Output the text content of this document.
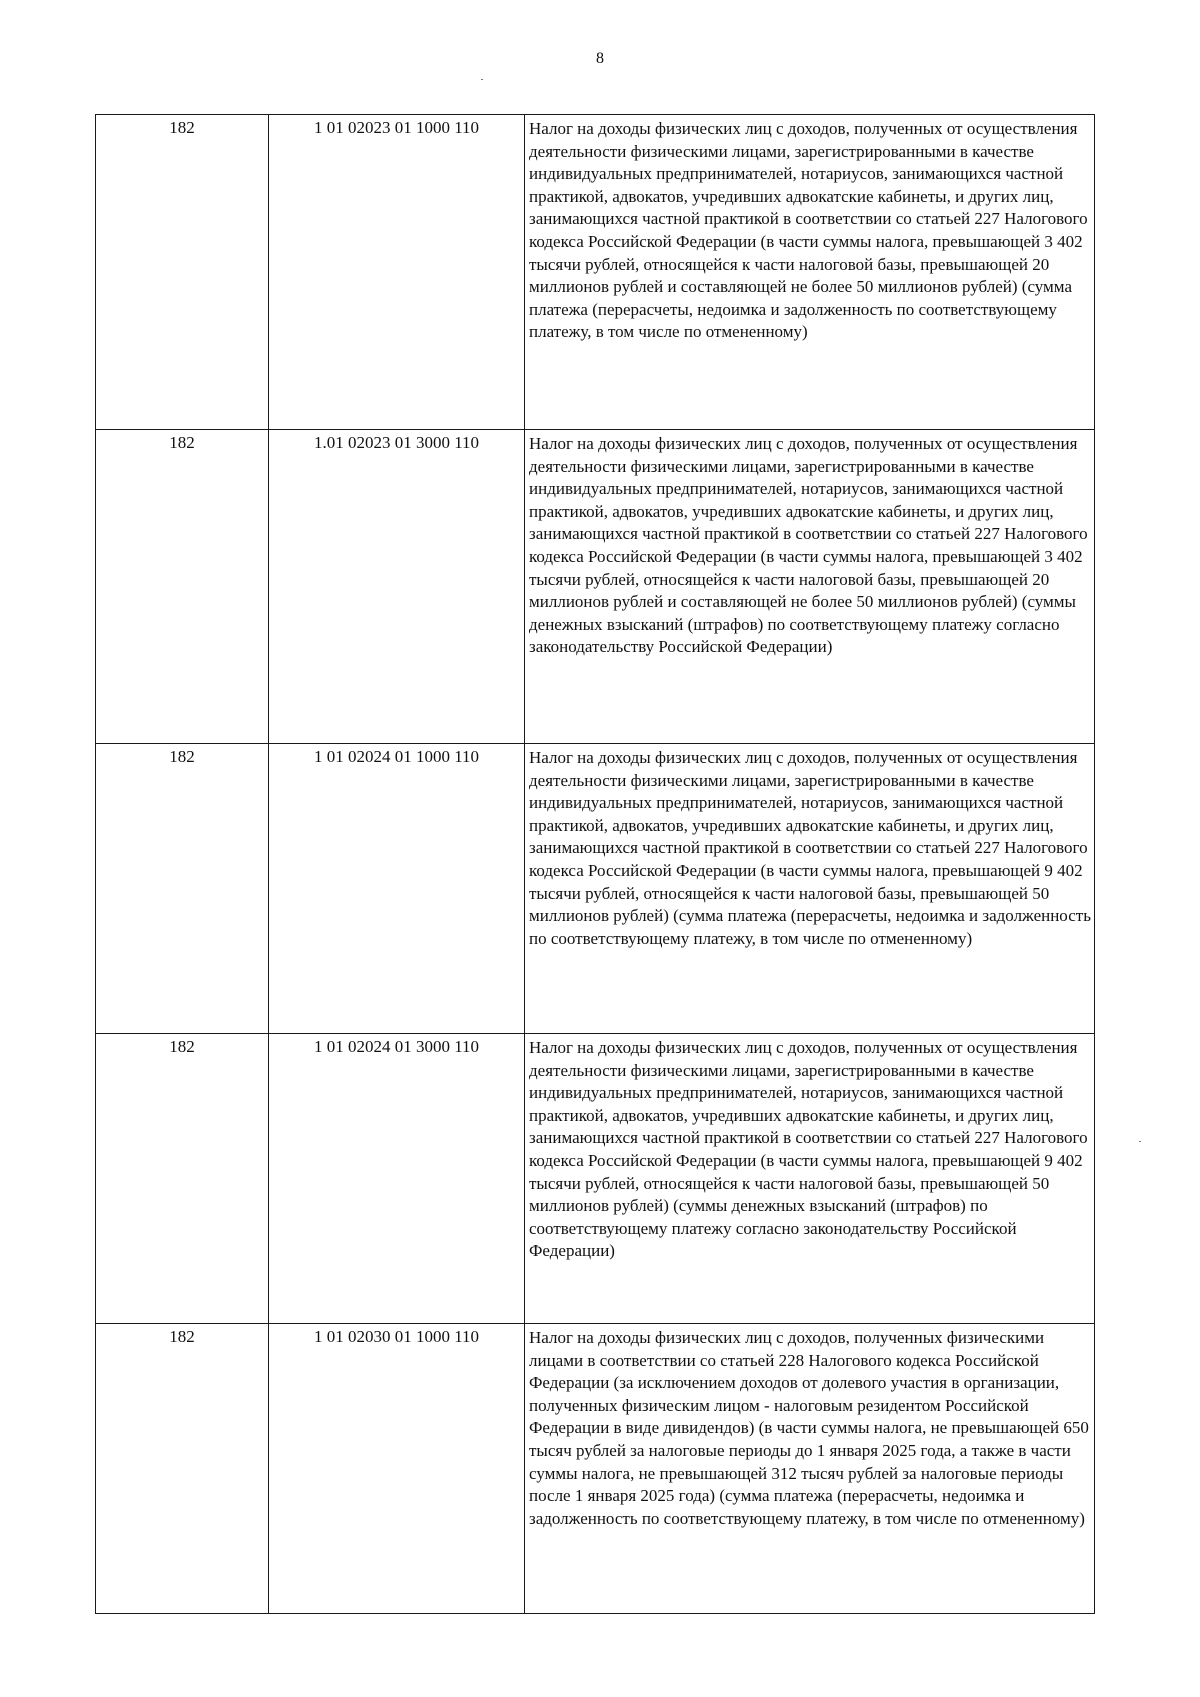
8
182	1 01 02023 01 1000 110	Налог на доходы физических лиц с доходов, полученных от осуществления деятельности физическими лицами, зарегистрированными в качестве индивидуальных предпринимателей, нотариусов, занимающихся частной практикой, адвокатов, учредивших адвокатские кабинеты, и других лиц, занимающихся частной практикой в соответствии со статьей 227 Налогового кодекса Российской Федерации (в части суммы налога, превышающей 3 402 тысячи рублей, относящейся к части налоговой базы, превышающей 20 миллионов рублей и составляющей не более 50 миллионов рублей) (сумма платежа (перерасчеты, недоимка и задолженность по соответствующему платежу, в том числе по отмененному)
182	1.01 02023 01 3000 110	Налог на доходы физических лиц с доходов, полученных от осуществления деятельности физическими лицами, зарегистрированными в качестве индивидуальных предпринимателей, нотариусов, занимающихся частной практикой, адвокатов, учредивших адвокатские кабинеты, и других лиц, занимающихся частной практикой в соответствии со статьей 227 Налогового кодекса Российской Федерации (в части суммы налога, превышающей 3 402 тысячи рублей, относящейся к части налоговой базы, превышающей 20 миллионов рублей и составляющей не более 50 миллионов рублей) (суммы денежных взысканий (штрафов) по соответствующему платежу согласно законодательству Российской Федерации)
182	1 01 02024 01 1000 110	Налог на доходы физических лиц с доходов, полученных от осуществления деятельности физическими лицами, зарегистрированными в качестве индивидуальных предпринимателей, нотариусов, занимающихся частной практикой, адвокатов, учредивших адвокатские кабинеты, и других лиц, занимающихся частной практикой в соответствии со статьей 227 Налогового кодекса Российской Федерации (в части суммы налога, превышающей 9 402 тысячи рублей, относящейся к части налоговой базы, превышающей 50 миллионов рублей) (сумма платежа (перерасчеты, недоимка и задолженность по соответствующему платежу, в том числе по отмененному)
182	1 01 02024 01 3000 110	Налог на доходы физических лиц с доходов, полученных от осуществления деятельности физическими лицами, зарегистрированными в качестве индивидуальных предпринимателей, нотариусов, занимающихся частной практикой, адвокатов, учредивших адвокатские кабинеты, и других лиц, занимающихся частной практикой в соответствии со статьей 227 Налогового кодекса Российской Федерации (в части суммы налога, превышающей 9 402 тысячи рублей, относящейся к части налоговой базы, превышающей 50 миллионов рублей) (суммы денежных взысканий (штрафов) по соответствующему платежу согласно законодательству Российской Федерации)
182	1 01 02030 01 1000 110	Налог на доходы физических лиц с доходов, полученных физическими лицами в соответствии со статьей 228 Налогового кодекса Российской Федерации (за исключением доходов от долевого участия в организации, полученных физическим лицом - налоговым резидентом Российской Федерации в виде дивидендов) (в части суммы налога, не превышающей 650 тысяч рублей за налоговые периоды до 1 января 2025 года, а также в части суммы налога, не превышающей 312 тысяч рублей за налоговые периоды после 1 января 2025 года) (сумма платежа (перерасчеты, недоимка и задолженность по соответствующему платежу, в том числе по отмененному)
